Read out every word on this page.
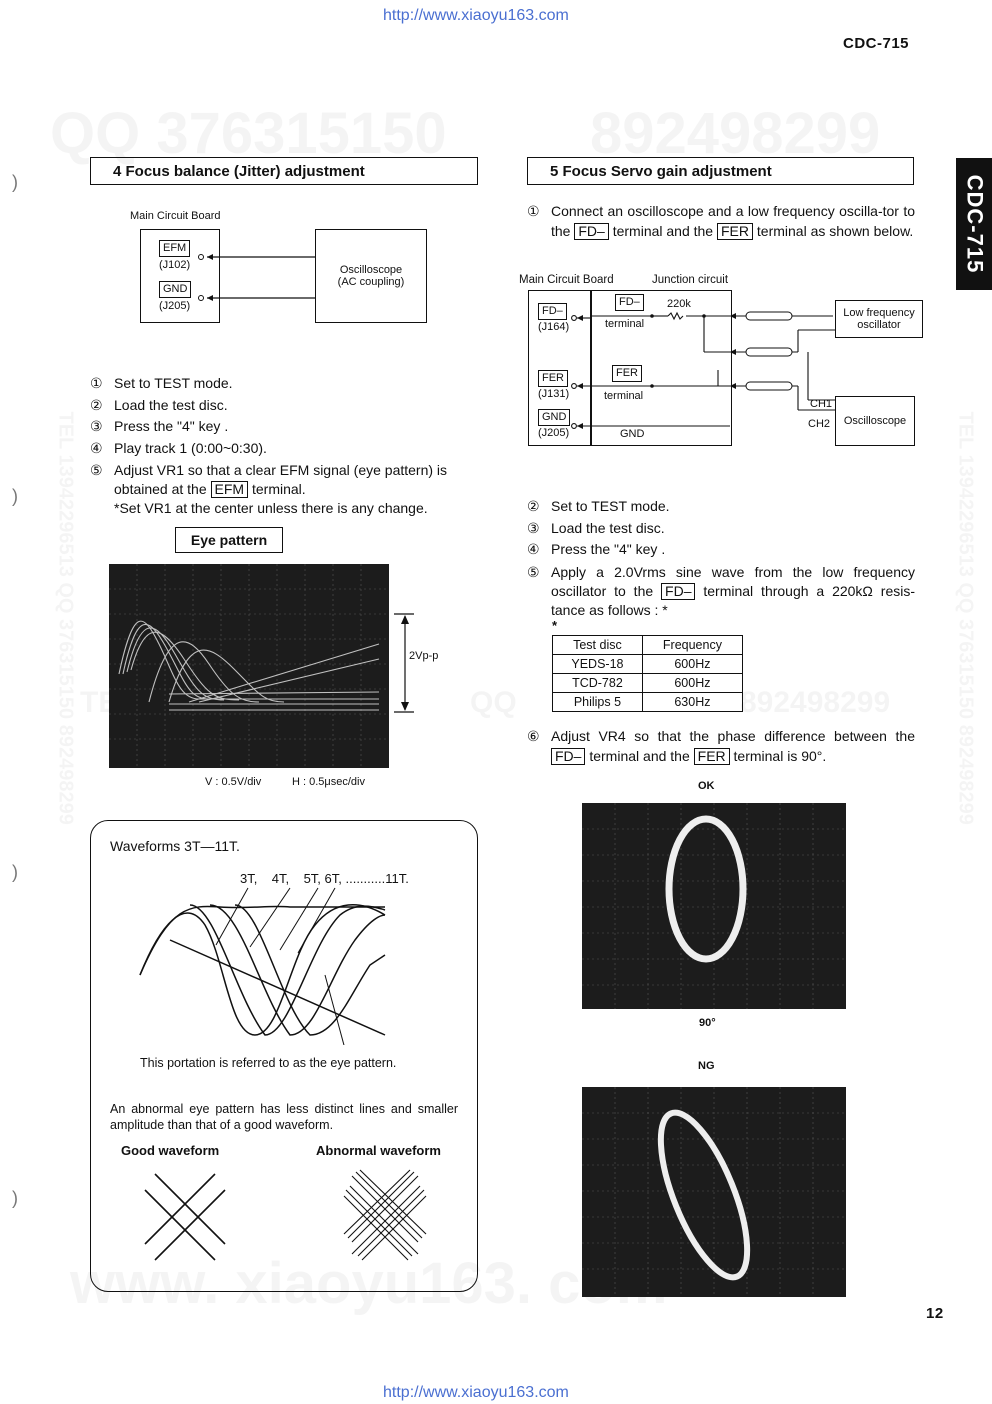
http://www.xiaoyu163.com
CDC-715
CDC-715
)
)
)
)
4 Focus balance (Jitter) adjustment
Main Circuit Board
EFM
(J102)
GND
(J205)
Oscilloscope
(AC coupling)
① Set to TEST mode.
② Load the test disc.
③ Press the "4" key .
④ Play track 1 (0:00~0:30).
⑤ Adjust VR1 so that a clear EFM signal (eye pattern) is obtained at the EFM terminal.
*Set VR1 at the center unless there is any change.
Eye pattern
2Vp-p
V : 0.5V/div	H : 0.5μsec/div
Waveforms 3T—11T.
3T,    4T,    5T, 6T, ...........11T.
This portation is referred to as the eye pattern.
An abnormal eye pattern has less distinct lines and smaller amplitude than that of a good waveform.
Good waveform	Abnormal waveform
5 Focus Servo gain adjustment
① Connect an oscilloscope and a low frequency oscilla-tor to the FD– terminal and the FER terminal as shown below.
Main Circuit Board	Junction circuit
FD–
(J164)
FER
(J131)
GND
(J205)
FD–
terminal
220k
FER
terminal
GND
Low frequency
oscillator
Oscilloscope
CH1
CH2
② Set to TEST mode.
③ Load the test disc.
④ Press the "4" key .
⑤ Apply a 2.0Vrms sine wave from the low frequency oscillator to the FD– terminal through a 220kΩ resis-tance as follows : *
*
Test disc	Frequency
YEDS-18	600Hz
TCD-782	600Hz
Philips 5	630Hz
⑥ Adjust VR4 so that the phase difference between the FD– terminal and the FER terminal is 90°.
OK
90°
NG
12
http://www.xiaoyu163.com
